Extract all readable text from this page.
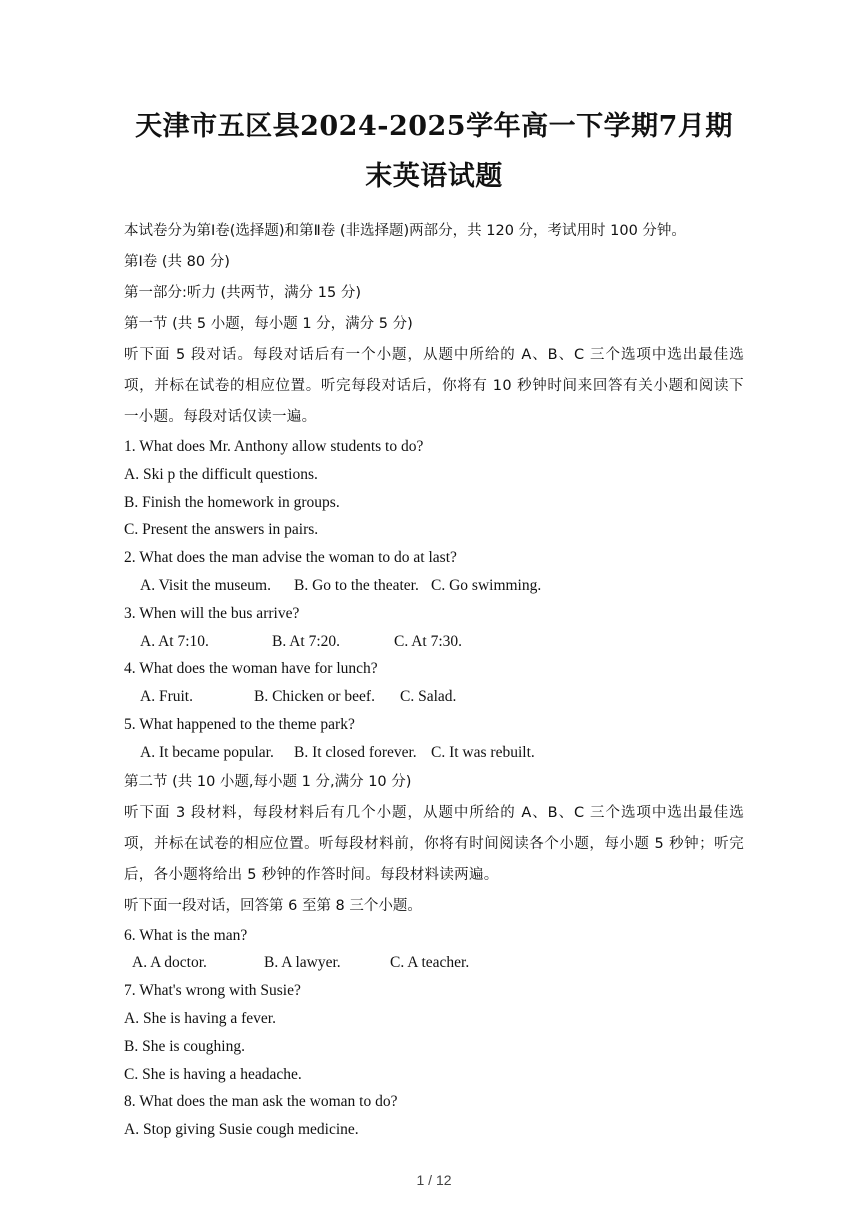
天津市五区县2024-2025学年高一下学期7月期末英语试题

本试卷分为第Ⅰ卷(选择题)和第Ⅱ卷 (非选择题)两部分，共 120 分，考试用时 100 分钟。

第Ⅰ卷 (共 80 分)

第一部分:听力 (共两节，满分 15 分)

第一节 (共 5 小题，每小题 1 分，满分 5 分)

听下面 5 段对话。每段对话后有一个小题，从题中所给的 A、B、C 三个选项中选出最佳选项，并标在试卷的相应位置。听完每段对话后，你将有 10 秒钟时间来回答有关小题和阅读下一小题。每段对话仅读一遍。

1. What does Mr. Anthony allow students to do?

A. Ski p the difficult questions.

B. Finish the homework in groups.

C. Present the answers in pairs.

2. What does the man advise the woman to do at last?

A. Visit the museum. B. Go to the theater. C. Go swimming.

3. When will the bus arrive?

A. At 7:10.	B. At 7:20.	C. At 7:30.

4. What does the woman have for lunch?

A. Fruit.	B. Chicken or beef. C. Salad.

5. What happened to the theme park?

A. It became popular. B. It closed forever. C. It was rebuilt.

第二节 (共 10 小题,每小题 1 分,满分 10 分)

听下面 3 段材料，每段材料后有几个小题，从题中所给的 A、B、C 三个选项中选出最佳选项，并标在试卷的相应位置。听每段材料前，你将有时间阅读各个小题，每小题 5 秒钟；听完后，各小题将给出 5 秒钟的作答时间。每段材料读两遍。

听下面一段对话，回答第 6 至第 8 三个小题。

6. What is the man?

A. A doctor.	B. A lawyer.	C. A teacher.

7. What's wrong with Susie?

A. She is having a fever.

B. She is coughing.

C. She is having a headache.

8. What does the man ask the woman to do?

A. Stop giving Susie cough medicine.

1 / 12
